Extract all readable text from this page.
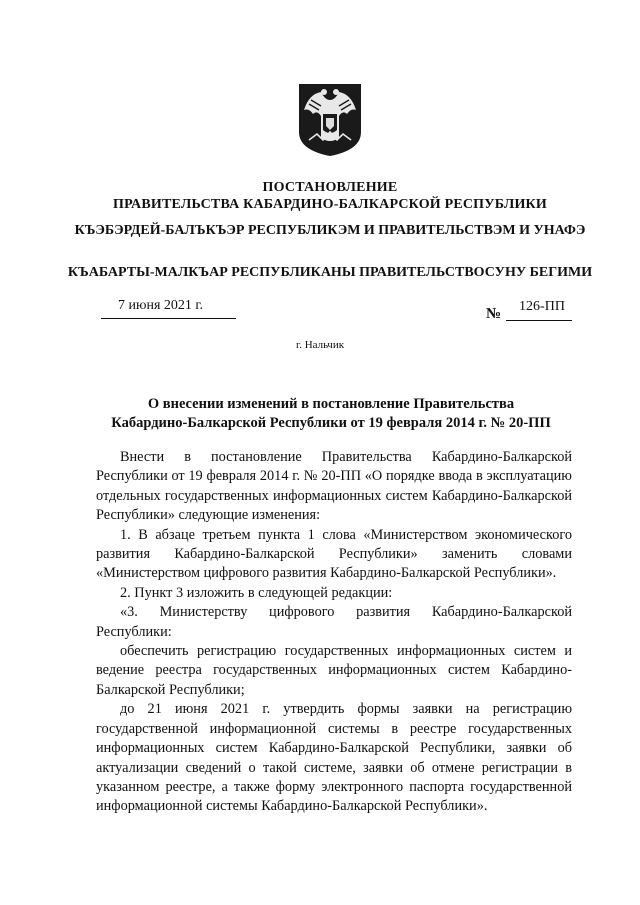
ПОСТАНОВЛЕНИЕ
ПРАВИТЕЛЬСТВА КАБАРДИНО-БАЛКАРСКОЙ РЕСПУБЛИКИ
КЪЭБЭРДЕЙ-БАЛЪКЪЭР РЕСПУБЛИКЭМ И ПРАВИТЕЛЬСТВЭМ И УНАФЭ
КЪАБАРТЫ-МАЛКЪАР РЕСПУБЛИКАНЫ ПРАВИТЕЛЬСТВОСУНУ БЕГИМИ
7 июня 2021 г.
№	126-ПП
г. Нальчик
О внесении изменений в постановление Правительства
Кабардино-Балкарской Республики от 19 февраля 2014 г. № 20-ПП

Внести в постановление Правительства Кабардино-Балкарской Республики от 19 февраля 2014 г. № 20-ПП «О порядке ввода в эксплуатацию отдельных государственных информационных систем Кабардино-Балкарской Республики» следующие изменения:

1. В абзаце третьем пункта 1 слова «Министерством экономического развития Кабардино-Балкарской Республики» заменить словами «Министерством цифрового развития Кабардино-Балкарской Республики».

2. Пункт 3 изложить в следующей редакции:

«3. Министерству цифрового развития Кабардино-Балкарской Республики:

обеспечить регистрацию государственных информационных систем и ведение реестра государственных информационных систем Кабардино-Балкарской Республики;

до 21 июня 2021 г. утвердить формы заявки на регистрацию государственной информационной системы в реестре государственных информационных систем Кабардино-Балкарской Республики, заявки об актуализации сведений о такой системе, заявки об отмене регистрации в указанном реестре, а также форму электронного паспорта государственной информационной системы Кабардино-Балкарской Республики».
